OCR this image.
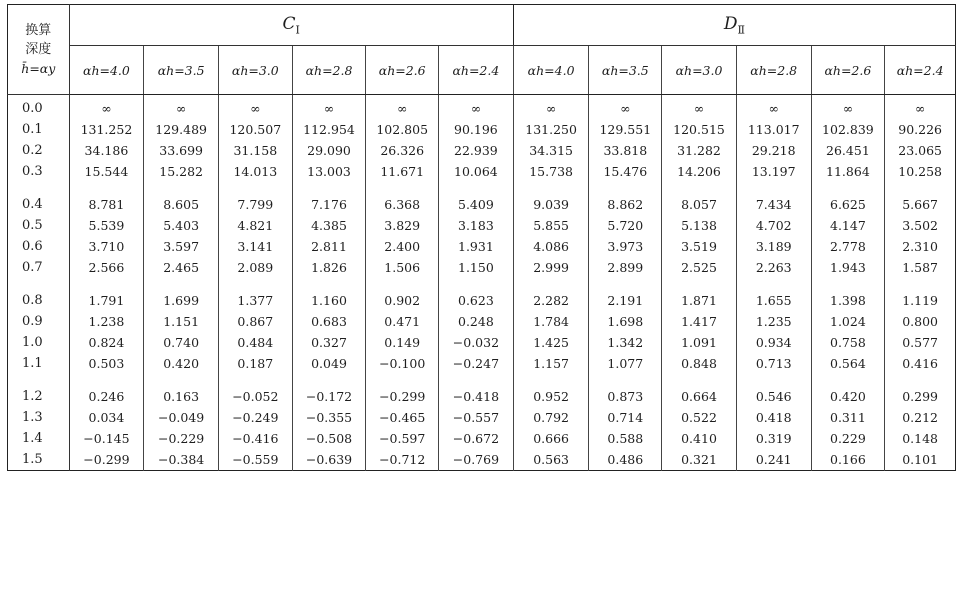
换算
深度
h̄=αy	$C_Ⅰ$						$D_Ⅱ$
	αh=4.0	αh=3.5	αh=3.0	αh=2.8	αh=2.6	αh=2.4	αh=4.0	αh=3.5	αh=3.0	αh=2.8	αh=2.6	αh=2.4
0.0	∞	∞	∞	∞	∞	∞	∞	∞	∞	∞	∞	∞
0.1	131.252	129.489	120.507	112.954	102.805	90.196	131.250	129.551	120.515	113.017	102.839	90.226
0.2	34.186	33.699	31.158	29.090	26.326	22.939	34.315	33.818	31.282	29.218	26.451	23.065
0.3	15.544	15.282	14.013	13.003	11.671	10.064	15.738	15.476	14.206	13.197	11.864	10.258

0.4	8.781	8.605	7.799	7.176	6.368	5.409	9.039	8.862	8.057	7.434	6.625	5.667
0.5	5.539	5.403	4.821	4.385	3.829	3.183	5.855	5.720	5.138	4.702	4.147	3.502
0.6	3.710	3.597	3.141	2.811	2.400	1.931	4.086	3.973	3.519	3.189	2.778	2.310
0.7	2.566	2.465	2.089	1.826	1.506	1.150	2.999	2.899	2.525	2.263	1.943	1.587

0.8	1.791	1.699	1.377	1.160	0.902	0.623	2.282	2.191	1.871	1.655	1.398	1.119
0.9	1.238	1.151	0.867	0.683	0.471	0.248	1.784	1.698	1.417	1.235	1.024	0.800
1.0	0.824	0.740	0.484	0.327	0.149	−0.032	1.425	1.342	1.091	0.934	0.758	0.577
1.1	0.503	0.420	0.187	0.049	−0.100	−0.247	1.157	1.077	0.848	0.713	0.564	0.416

1.2	0.246	0.163	−0.052	−0.172	−0.299	−0.418	0.952	0.873	0.664	0.546	0.420	0.299
1.3	0.034	−0.049	−0.249	−0.355	−0.465	−0.557	0.792	0.714	0.522	0.418	0.311	0.212
1.4	−0.145	−0.229	−0.416	−0.508	−0.597	−0.672	0.666	0.588	0.410	0.319	0.229	0.148
1.5	−0.299	−0.384	−0.559	−0.639	−0.712	−0.769	0.563	0.486	0.321	0.241	0.166	0.101
